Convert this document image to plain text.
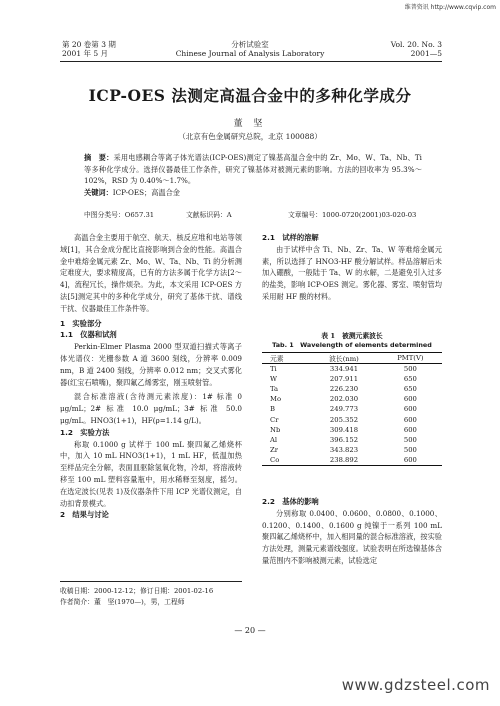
维普资讯 http://www.cqvip.com
第 20 卷第 3 期
2001 年 5 月
分析试验室
Chinese Journal of Analysis Laboratory
Vol. 20. No. 3
2001—5
ICP-OES 法测定高温合金中的多种化学成分
董 坚
（北京有色金属研究总院，北京 100088）
摘　要：采用电感耦合等离子体光谱法(ICP-OES)测定了镍基高温合金中的 Zr、Mo、W、Ta、Nb、Ti 等多种化学成分。选择仪器最佳工作条件，研究了镍基体对被测元素的影响。方法的回收率为 95.3%～102%，RSD 为 0.40%～1.7%。
关键词：ICP-OES；高温合金
中图分类号：O657.31	文献标识码：A	文章编号：1000-0720(2001)03-020-03

高温合金主要用于航空、航天、核反应堆和电站等领域[1]，其合金成分配比直接影响到合金的性能。高温合金中难熔金属元素 Zr、Mo、W、Ta、Nb、Ti 的分析测定难度大，要求精度高，已有的方法多属于化学方法[2～4]，流程冗长，操作烦杂。为此，本文采用 ICP-OES 方法[5]测定其中的多种化学成分，研究了基体干扰、谱线干扰、仪器最佳工作条件等。

1　实验部分

1.1　仪器和试剂

Perkin-Elmer Plasma 2000 型双道扫描式等离子体光谱仪：光栅参数 A 道 3600 刻线，分辨率 0.009 nm，B 道 2400 刻线，分辨率 0.012 nm；交叉式雾化器(红宝石喷嘴)，聚四氟乙烯雾室，刚玉喷射管。

混合标准溶液(含待测元素浓度)：1# 标准 0 μg/mL；2# 标准 10.0 μg/mL；3# 标准 50.0 μg/mL。HNO3(1+1)，HF(ρ=1.14 g/L)。

1.2　实验方法

称取 0.1000 g 试样于 100 mL 聚四氟乙烯烧杯中，加入 10 mL HNO3(1+1)，1 mL HF，低温加热至样品完全分解，表面皿驱除氢氧化物，冷却，将溶液转移至 100 mL 塑料容量瓶中，用水稀释至刻度，摇匀。在选定波长(见表 1)及仪器条件下用 ICP 光谱仪测定，自动扣背景模式。

2　结果与讨论

收稿日期：2000-12-12；修订日期：2001-02-16
作者简介：董　坚(1970—)，男，工程师

2.1　试样的溶解

由于试样中含 Ti、Nb、Zr、Ta、W 等难熔金属元素，所以选择了 HNO3-HF 酸分解试样。样品溶解后未加入硼酸，一般陆于 Ta、W 的水解，二是避免引入过多的盐类，影响 ICP-OES 测定。雾化器、雾室、喷射管均采用耐 HF 酸的材料。

表 1　被测元素波长
Tab. 1　Wavelength of elements determined
元素	波长(nm)	PMT(V)
Ti	334.941	500
W	207.911	650
Ta	226.230	650
Mo	202.030	600
B	249.773	600
Cr	205.352	600
Nb	309.418	600
Al	396.152	500
Zr	343.823	500
Co	238.892	600

2.2　基体的影响

分别称取 0.0400、0.0600、0.0800、0.1000、0.1200、0.1400、0.1600 g 纯镍于一系列 100 mL 聚四氟乙烯烧杯中，加入相同量的混合标准溶液，按实验方法处理，测量元素谱线强度。试验表明在所选镍基体含量范围内不影响被测元素，试验选定

— 20 —
www.gdzsteel.com
